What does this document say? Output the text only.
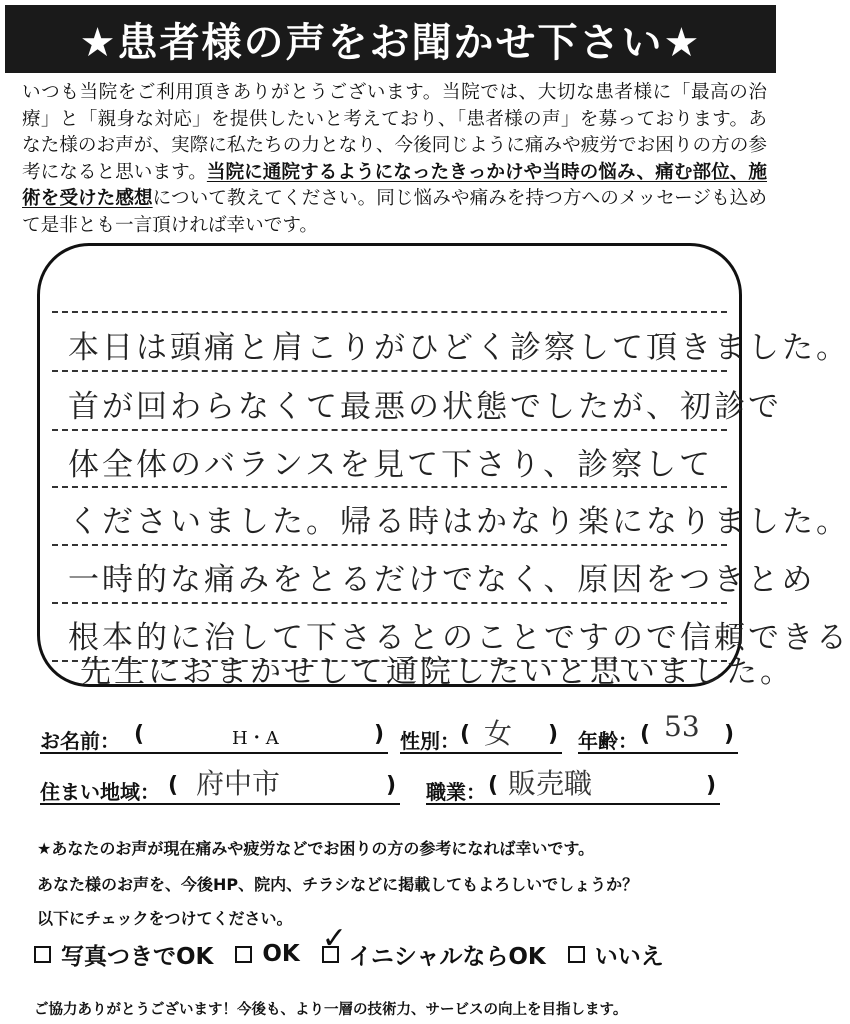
★患者様の声をお聞かせ下さい★
いつも当院をご利用頂きありがとうございます。当院では、大切な患者様に「最高の治療」と「親身な対応」を提供したいと考えており、「患者様の声」を募っております。あなた様のお声が、実際に私たちの力となり、今後同じように痛みや疲労でお困りの方の参考になると思います。当院に通院するようになったきっかけや当時の悩み、痛む部位、施術を受けた感想について教えてください。同じ悩みや痛みを持つ方へのメッセージも込めて是非とも一言頂ければ幸いです。
本日は頭痛と肩こりがひどく診察して頂きました。
首が回わらなくて最悪の状態でしたが、初診で
体全体のバランスを見て下さり、診察して
くださいました。帰る時はかなり楽になりました。
一時的な痛みをとるだけでなく、原因をつきとめ
根本的に治して下さるとのことですので信頼できる
先生におまかせして通院したいと思いました。
お名前： (	H・A	) 性別： ( 女 ) 年齢： ( 53 )
住まい地域： ( 府中市	) 職業： ( 販売職	)
★あなたのお声が現在痛みや疲労などでお困りの方の参考になれば幸いです。
あなた様のお声を、今後HP、院内、チラシなどに掲載してもよろしいでしょうか？
以下にチェックをつけてください。
写真つきでOK OK ✓
イニシャルならOK いいえ
ご協力ありがとうございます！今後も、より一層の技術力、サービスの向上を目指します。
